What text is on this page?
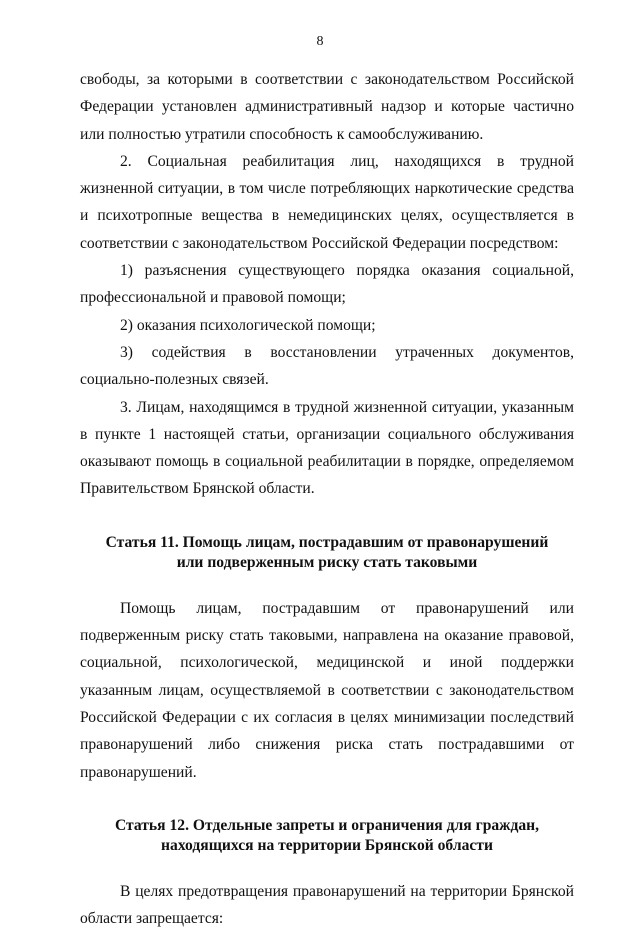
8

свободы, за которыми в соответствии с законодательством Российской Федерации установлен административный надзор и которые частично или полностью утратили способность к самообслуживанию.

2. Социальная реабилитация лиц, находящихся в трудной жизненной ситуации, в том числе потребляющих наркотические средства и психотропные вещества в немедицинских целях, осуществляется в соответствии с законодательством Российской Федерации посредством:

1) разъяснения существующего порядка оказания социальной, профессиональной и правовой помощи;

2) оказания психологической помощи;

3) содействия в восстановлении утраченных документов, социально-полезных связей.

3. Лицам, находящимся в трудной жизненной ситуации, указанным в пункте 1 настоящей статьи, организации социального обслуживания оказывают помощь в социальной реабилитации в порядке, определяемом Правительством Брянской области.

Статья 11. Помощь лицам, пострадавшим от правонарушений
или подверженным риску стать таковыми

Помощь лицам, пострадавшим от правонарушений или подверженным риску стать таковыми, направлена на оказание правовой, социальной, психологической, медицинской и иной поддержки указанным лицам, осуществляемой в соответствии с законодательством Российской Федерации с их согласия в целях минимизации последствий правонарушений либо снижения риска стать пострадавшими от правонарушений.

Статья 12. Отдельные запреты и ограничения для граждан,
находящихся на территории Брянской области

В целях предотвращения правонарушений на территории Брянской области запрещается:
